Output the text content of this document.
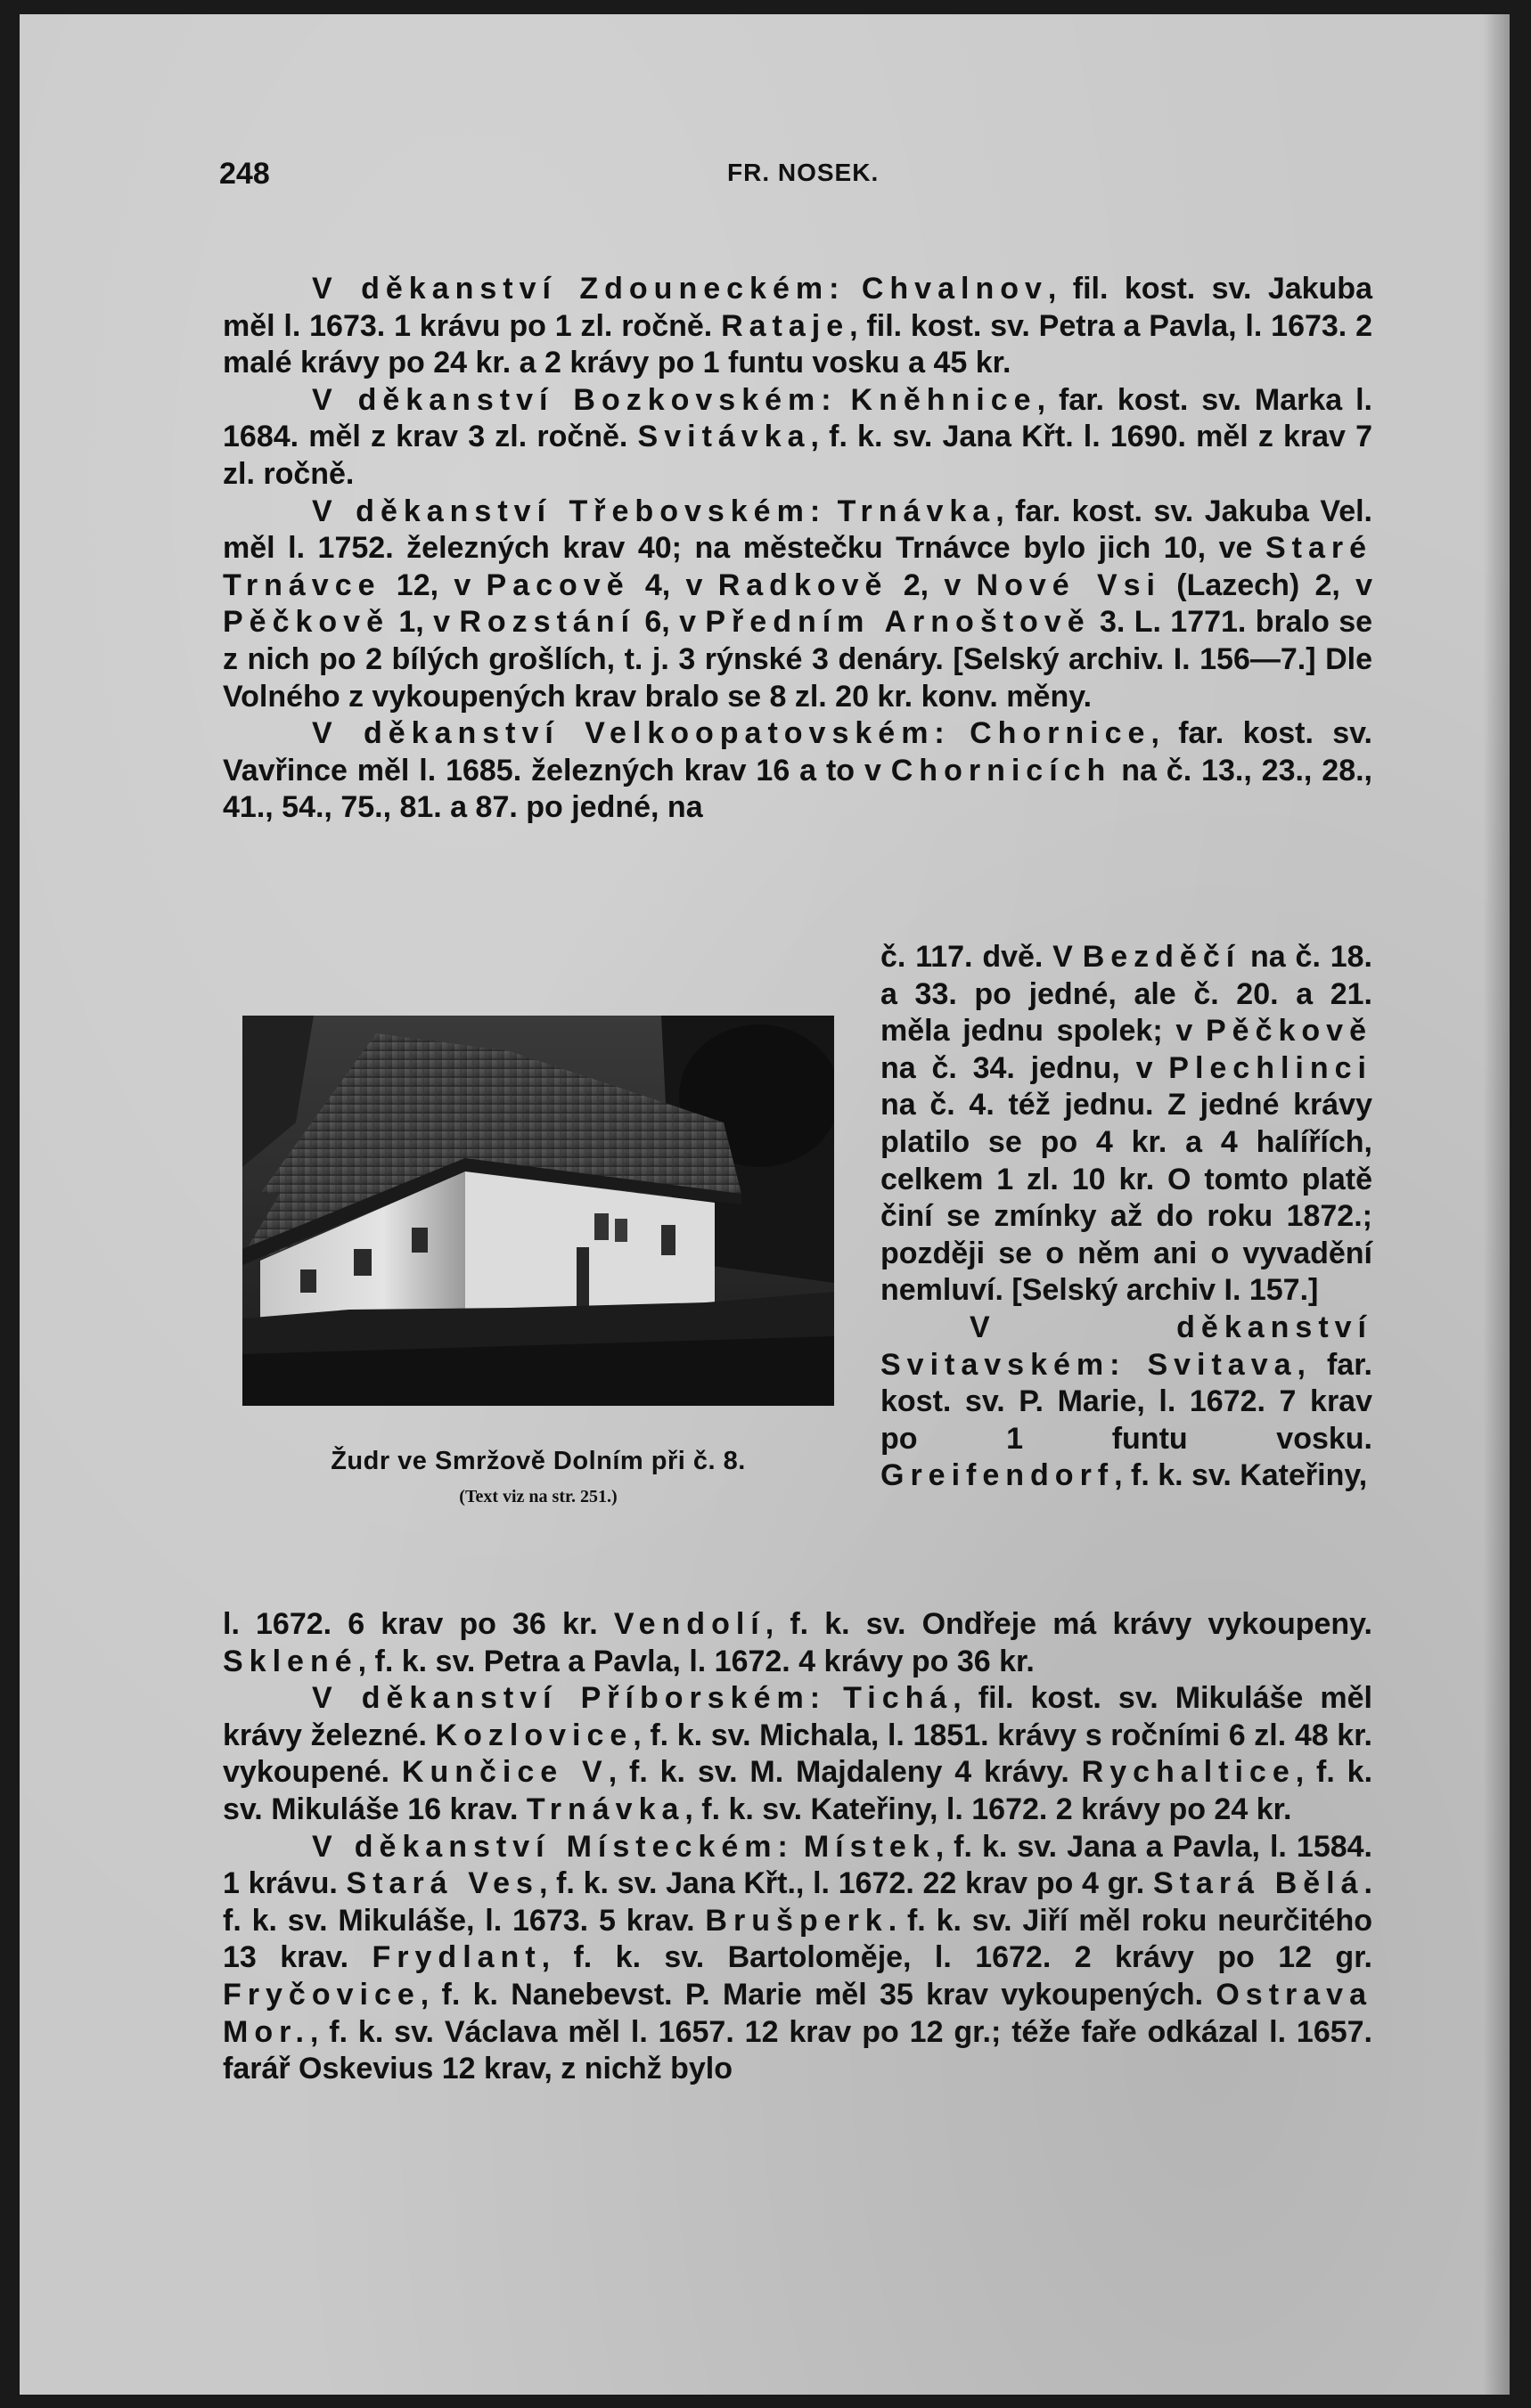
248	FR. NOSEK.

V děkanství Zdouneckém: Chvalnov, fil. kost. sv. Jakuba měl l. 1673. 1 krávu po 1 zl. ročně. Rataje, fil. kost. sv. Petra a Pavla, l. 1673. 2 malé krávy po 24 kr. a 2 krávy po 1 funtu vosku a 45 kr.

V děkanství Bozkovském: Kněhnice, far. kost. sv. Marka l. 1684. měl z krav 3 zl. ročně. Svitávka, f. k. sv. Jana Křt. l. 1690. měl z krav 7 zl. ročně.

V děkanství Třebovském: Trnávka, far. kost. sv. Jakuba Vel. měl l. 1752. železných krav 40; na městečku Trnávce bylo jich 10, ve Staré Trnávce 12, v Pacově 4, v Radkově 2, v Nové Vsi (Lazech) 2, v Pěčkově 1, v Rozstání 6, v Předním Arnoštově 3. L. 1771. bralo se z nich po 2 bílých grošlích, t. j. 3 rýnské 3 denáry. [Selský archiv. I. 156—7.] Dle Volného z vykoupených krav bralo se 8 zl. 20 kr. konv. měny.

V děkanství Velkoopatovském: Chornice, far. kost. sv. Vavřince měl l. 1685. železných krav 16 a to v Chornicích na č. 13., 23., 28., 41., 54., 75., 81. a 87. po jedné, na

Žudr ve Smržově Dolním při č. 8.
(Text viz na str. 251.)

č. 117. dvě. V Bezděčí na č. 18. a 33. po jedné, ale č. 20. a 21. měla jednu spolek; v Pěčkově na č. 34. jednu, v Plechlinci na č. 4. též jednu. Z jedné krávy platilo se po 4 kr. a 4 halířích, celkem 1 zl. 10 kr. O tomto platě činí se zmínky až do roku 1872.; později se o něm ani o vyvadění nemluví. [Selský archiv I. 157.]

V děkanství Svitavském: Svitava, far. kost. sv. P. Marie, l. 1672. 7 krav po 1 funtu vosku. Greifendorf, f. k. sv. Kateřiny,

l. 1672. 6 krav po 36 kr. Vendolí, f. k. sv. Ondřeje má krávy vykoupeny. Sklené, f. k. sv. Petra a Pavla, l. 1672. 4 krávy po 36 kr.

V děkanství Příborském: Tichá, fil. kost. sv. Mikuláše měl krávy železné. Kozlovice, f. k. sv. Michala, l. 1851. krávy s ročními 6 zl. 48 kr. vykoupené. Kunčice V, f. k. sv. M. Majdaleny 4 krávy. Rychaltice, f. k. sv. Mikuláše 16 krav. Trnávka, f. k. sv. Kateřiny, l. 1672. 2 krávy po 24 kr.

V děkanství Místeckém: Místek, f. k. sv. Jana a Pavla, l. 1584. 1 krávu. Stará Ves, f. k. sv. Jana Křt., l. 1672. 22 krav po 4 gr. Stará Bělá. f. k. sv. Mikuláše, l. 1673. 5 krav. Brušperk. f. k. sv. Jiří měl roku neurčitého 13 krav. Frydlant, f. k. sv. Bartoloměje, l. 1672. 2 krávy po 12 gr. Fryčovice, f. k. Nanebevst. P. Marie měl 35 krav vykoupených. Ostrava Mor., f. k. sv. Václava měl l. 1657. 12 krav po 12 gr.; téže faře odkázal l. 1657. farář Oskevius 12 krav, z nichž bylo
